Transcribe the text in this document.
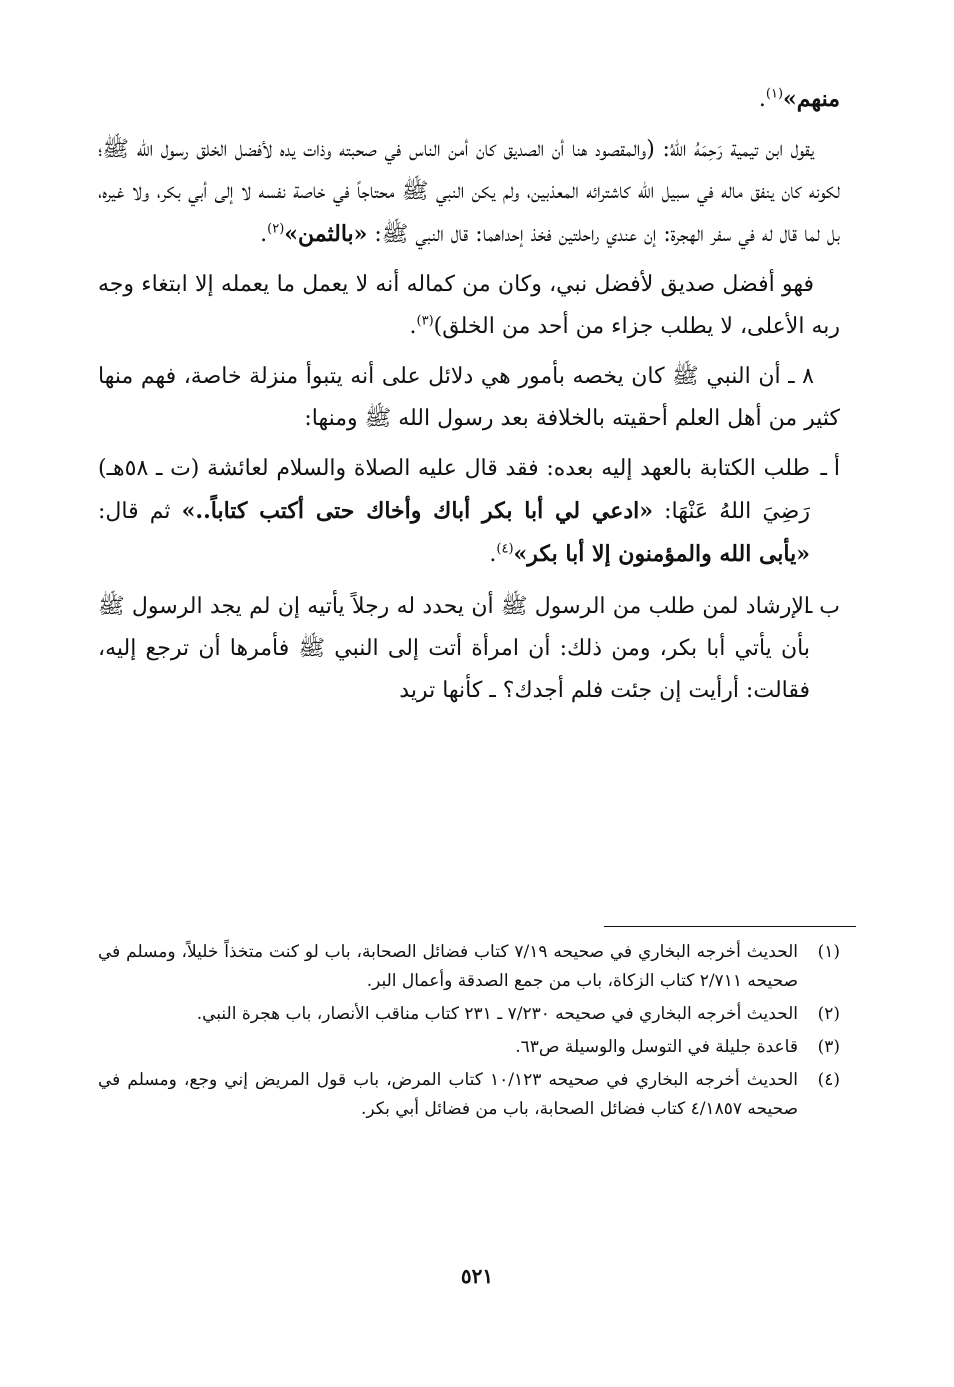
منهم»$^{(١)}$.

يقول ابن تيمية رَحِمَهُ اللهُ: (والمقصود هنا أن الصديق كان أمن الناس في صحبته وذات يده لأفضل الخلق رسول الله ﷺ؛ لكونه كان ينفق ماله في سبيل الله كاشترائه المعذبين، ولم يكن النبي ﷺ محتاجاً في خاصة نفسه لا إلى أبي بكر، ولا غيره، بل لما قال له في سفر الهجرة: إن عندي راحلتين فخذ إحداهما: قال النبي ﷺ: «بالثمن»$^{(٢)}$.

فهو أفضل صديق لأفضل نبي، وكان من كماله أنه لا يعمل ما يعمله إلا ابتغاء وجه ربه الأعلى، لا يطلب جزاء من أحد من الخلق)$^{(٣)}$.

٨ ـ أن النبي ﷺ كان يخصه بأمور هي دلائل على أنه يتبوأ منزلة خاصة، فهم منها كثير من أهل العلم أحقيته بالخلافة بعد رسول الله ﷺ ومنها:

أ ـ
طلب الكتابة بالعهد إليه بعده: فقد قال عليه الصلاة والسلام لعائشة (ت ـ ٥٨هـ) رَضِيَ اللهُ عَنْهَا: «ادعي لي أبا بكر أباك وأخاك حتى أكتب كتاباً..» ثم قال: «يأبى الله والمؤمنون إلا أبا بكر»$^{(٤)}$.
ب ـ
الإرشاد لمن طلب من الرسول ﷺ أن يحدد له رجلاً يأتيه إن لم يجد الرسول ﷺ بأن يأتي أبا بكر، ومن ذلك: أن امرأة أتت إلى النبي ﷺ فأمرها أن ترجع إليه، فقالت: أرأيت إن جئت فلم أجدك؟ ـ كأنها تريد
(١)
الحديث أخرجه البخاري في صحيحه ٧/١٩ كتاب فضائل الصحابة، باب لو كنت متخذاً خليلاً، ومسلم في صحيحه ٢/٧١١ كتاب الزكاة، باب من جمع الصدقة وأعمال البر.
(٢)
الحديث أخرجه البخاري في صحيحه ٧/٢٣٠ ـ ٢٣١ كتاب مناقب الأنصار، باب هجرة النبي.
(٣)
قاعدة جليلة في التوسل والوسيلة ص٦٣.
(٤)
الحديث أخرجه البخاري في صحيحه ١٠/١٢٣ كتاب المرض، باب قول المريض إني وجع، ومسلم في صحيحه ٤/١٨٥٧ كتاب فضائل الصحابة، باب من فضائل أبي بكر.
٥٢١
